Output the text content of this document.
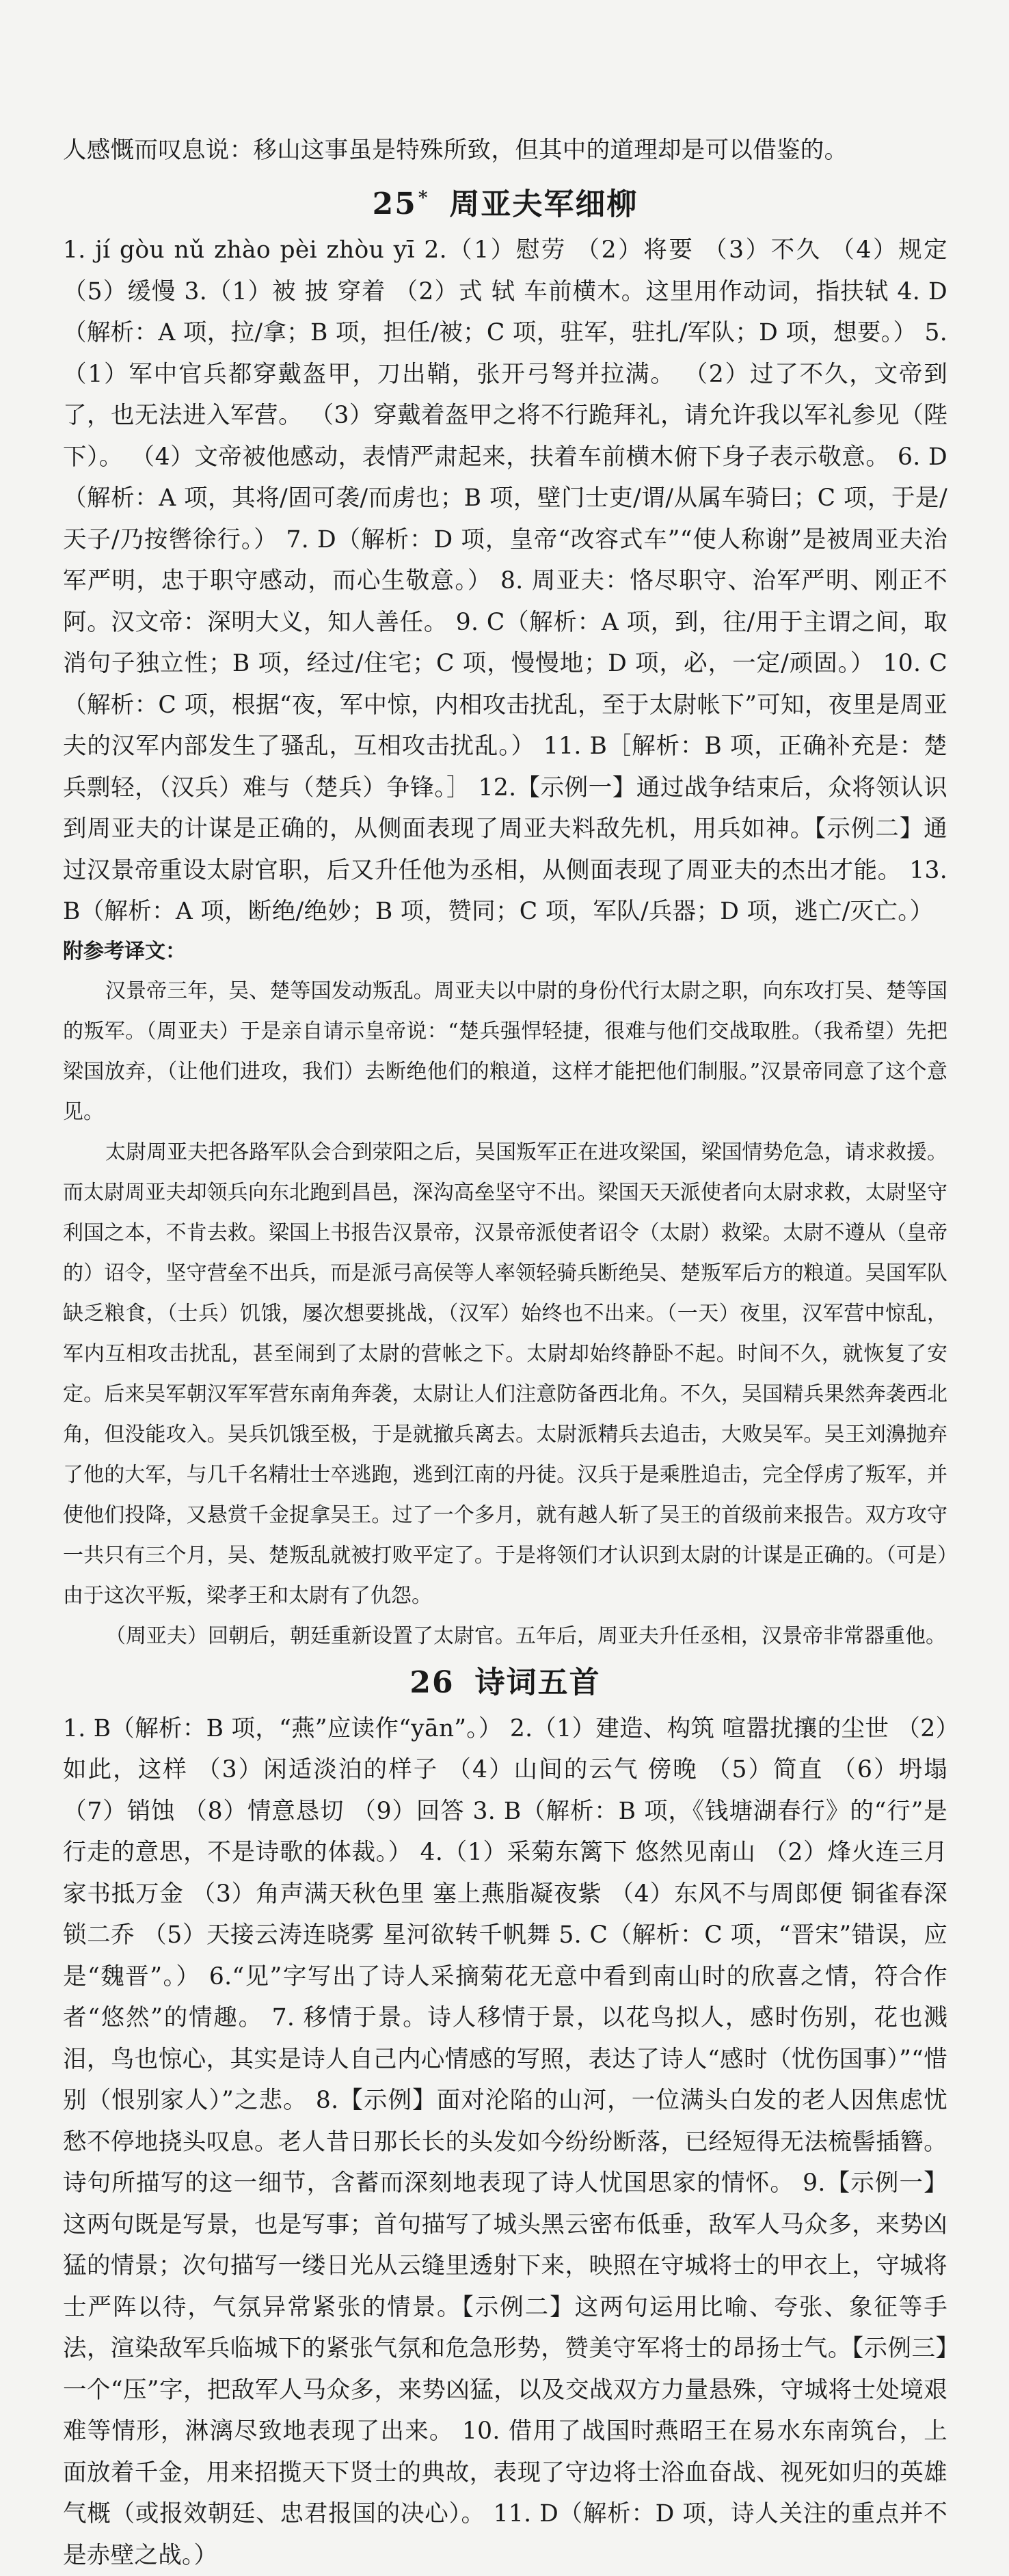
人感慨而叹息说：移山这事虽是特殊所致，但其中的道理却是可以借鉴的。

25* 周亚夫军细柳

1. jí gòu nǔ zhào pèi zhòu yī 2.（1）慰劳 （2）将要 （3）不久 （4）规定 （5）缓慢 3.（1）被 披 穿着 （2）式 轼 车前横木。这里用作动词，指扶轼 4. D（解析：A 项，拉/拿；B 项，担任/被；C 项，驻军，驻扎/军队；D 项，想要。） 5.（1）军中官兵都穿戴盔甲，刀出鞘，张开弓弩并拉满。 （2）过了不久，文帝到了，也无法进入军营。 （3）穿戴着盔甲之将不行跪拜礼，请允许我以军礼参见（陛下）。 （4）文帝被他感动，表情严肃起来，扶着车前横木俯下身子表示敬意。 6. D（解析：A 项，其将/固可袭/而虏也；B 项，壁门士吏/谓/从属车骑曰；C 项，于是/天子/乃按辔徐行。） 7. D（解析：D 项，皇帝“改容式车”“使人称谢”是被周亚夫治军严明，忠于职守感动，而心生敬意。） 8. 周亚夫：恪尽职守、治军严明、刚正不阿。汉文帝：深明大义，知人善任。 9. C（解析：A 项，到，往/用于主谓之间，取消句子独立性；B 项，经过/住宅；C 项，慢慢地；D 项，必，一定/顽固。） 10. C（解析：C 项，根据“夜，军中惊，内相攻击扰乱，至于太尉帐下”可知，夜里是周亚夫的汉军内部发生了骚乱，互相攻击扰乱。） 11. B［解析：B 项，正确补充是：楚兵剽轻，（汉兵）难与（楚兵）争锋。］ 12.【示例一】通过战争结束后，众将领认识到周亚夫的计谋是正确的，从侧面表现了周亚夫料敌先机，用兵如神。【示例二】通过汉景帝重设太尉官职，后又升任他为丞相，从侧面表现了周亚夫的杰出才能。 13. B（解析：A 项，断绝/绝妙；B 项，赞同；C 项，军队/兵器；D 项，逃亡/灭亡。）

附参考译文：

汉景帝三年，吴、楚等国发动叛乱。周亚夫以中尉的身份代行太尉之职，向东攻打吴、楚等国的叛军。（周亚夫）于是亲自请示皇帝说：“楚兵强悍轻捷，很难与他们交战取胜。（我希望）先把梁国放弃，（让他们进攻，我们）去断绝他们的粮道，这样才能把他们制服。”汉景帝同意了这个意见。

太尉周亚夫把各路军队会合到荥阳之后，吴国叛军正在进攻梁国，梁国情势危急，请求救援。而太尉周亚夫却领兵向东北跑到昌邑，深沟高垒坚守不出。梁国天天派使者向太尉求救，太尉坚守利国之本，不肯去救。梁国上书报告汉景帝，汉景帝派使者诏令（太尉）救梁。太尉不遵从（皇帝的）诏令，坚守营垒不出兵，而是派弓高侯等人率领轻骑兵断绝吴、楚叛军后方的粮道。吴国军队缺乏粮食，（士兵）饥饿，屡次想要挑战，（汉军）始终也不出来。（一天）夜里，汉军营中惊乱，军内互相攻击扰乱，甚至闹到了太尉的营帐之下。太尉却始终静卧不起。时间不久，就恢复了安定。后来吴军朝汉军军营东南角奔袭，太尉让人们注意防备西北角。不久，吴国精兵果然奔袭西北角，但没能攻入。吴兵饥饿至极，于是就撤兵离去。太尉派精兵去追击，大败吴军。吴王刘濞抛弃了他的大军，与几千名精壮士卒逃跑，逃到江南的丹徒。汉兵于是乘胜追击，完全俘虏了叛军，并使他们投降，又悬赏千金捉拿吴王。过了一个多月，就有越人斩了吴王的首级前来报告。双方攻守一共只有三个月，吴、楚叛乱就被打败平定了。于是将领们才认识到太尉的计谋是正确的。（可是）由于这次平叛，梁孝王和太尉有了仇怨。

（周亚夫）回朝后，朝廷重新设置了太尉官。五年后，周亚夫升任丞相，汉景帝非常器重他。

26 诗词五首

1. B（解析：B 项，“燕”应读作“yān”。） 2.（1）建造、构筑 喧嚣扰攘的尘世 （2）如此，这样 （3）闲适淡泊的样子 （4）山间的云气 傍晚 （5）简直 （6）坍塌 （7）销蚀 （8）情意恳切 （9）回答 3. B（解析：B 项，《钱塘湖春行》的“行”是行走的意思，不是诗歌的体裁。） 4.（1）采菊东篱下 悠然见南山 （2）烽火连三月 家书抵万金 （3）角声满天秋色里 塞上燕脂凝夜紫 （4）东风不与周郎便 铜雀春深锁二乔 （5）天接云涛连晓雾 星河欲转千帆舞 5. C（解析：C 项，“晋宋”错误，应是“魏晋”。） 6.“见”字写出了诗人采摘菊花无意中看到南山时的欣喜之情，符合作者“悠然”的情趣。 7. 移情于景。诗人移情于景，以花鸟拟人，感时伤别，花也溅泪，鸟也惊心，其实是诗人自己内心情感的写照，表达了诗人“感时（忧伤国事）”“惜别（恨别家人）”之悲。 8.【示例】面对沦陷的山河，一位满头白发的老人因焦虑忧愁不停地挠头叹息。老人昔日那长长的头发如今纷纷断落，已经短得无法梳髻插簪。诗句所描写的这一细节，含蓄而深刻地表现了诗人忧国思家的情怀。 9.【示例一】这两句既是写景，也是写事；首句描写了城头黑云密布低垂，敌军人马众多，来势凶猛的情景；次句描写一缕日光从云缝里透射下来，映照在守城将士的甲衣上，守城将士严阵以待，气氛异常紧张的情景。【示例二】这两句运用比喻、夸张、象征等手法，渲染敌军兵临城下的紧张气氛和危急形势，赞美守军将士的昂扬士气。【示例三】一个“压”字，把敌军人马众多，来势凶猛，以及交战双方力量悬殊，守城将士处境艰难等情形，淋漓尽致地表现了出来。 10. 借用了战国时燕昭王在易水东南筑台，上面放着千金，用来招揽天下贤士的典故，表现了守边将士浴血奋战、视死如归的英雄气概（或报效朝廷、忠君报国的决心）。 11. D（解析：D 项，诗人关注的重点并不是赤壁之战。）
